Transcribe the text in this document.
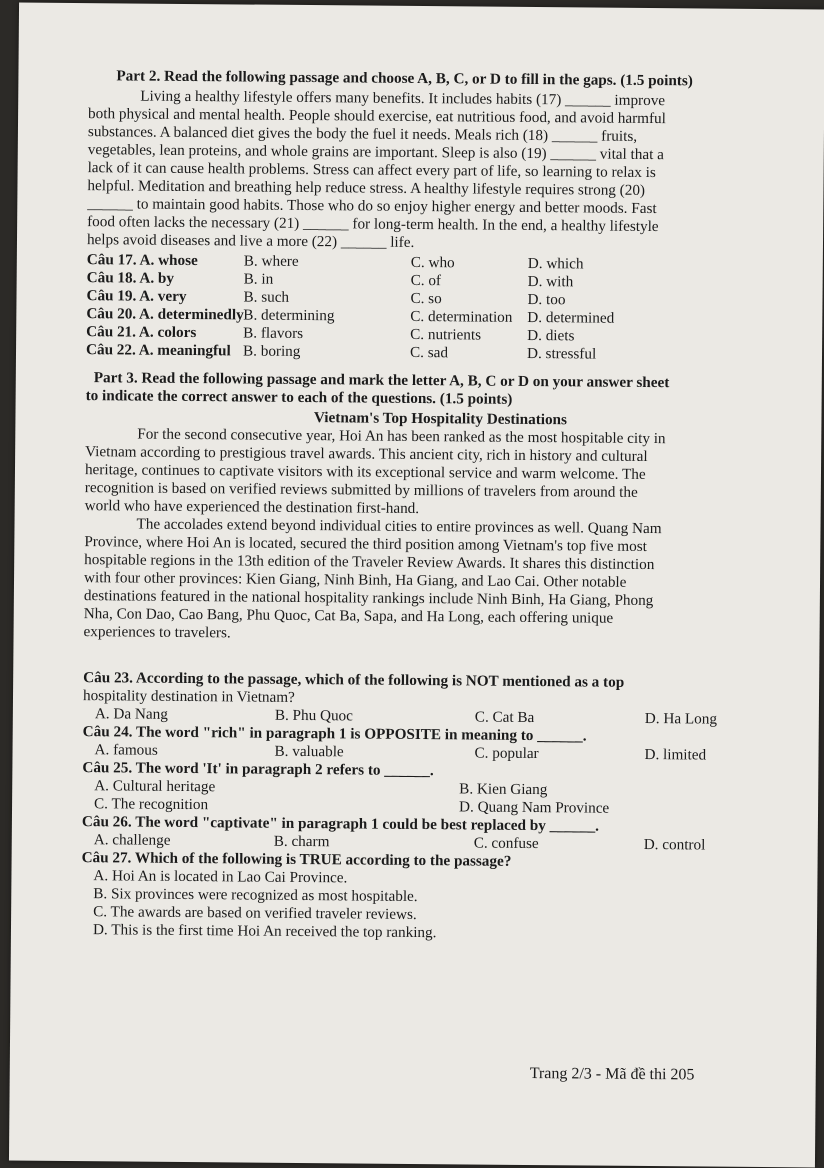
Part 2. Read the following passage and choose A, B, C, or D to fill in the gaps. (1.5 points)

Living a healthy lifestyle offers many benefits. It includes habits (17) ______ improve

both physical and mental health. People should exercise, eat nutritious food, and avoid harmful

substances. A balanced diet gives the body the fuel it needs. Meals rich (18) ______ fruits,

vegetables, lean proteins, and whole grains are important. Sleep is also (19) ______ vital that a

lack of it can cause health problems. Stress can affect every part of life, so learning to relax is

helpful. Meditation and breathing help reduce stress. A healthy lifestyle requires strong (20)

______ to maintain good habits. Those who do so enjoy higher energy and better moods. Fast

food often lacks the necessary (21) ______ for long-term health. In the end, a healthy lifestyle

helps avoid diseases and live a more (22) ______ life.

Câu 17. A. whose	B. where	C. who	D. which
Câu 18. A. by	B. in	C. of	D. with
Câu 19. A. very	B. such	C. so	D. too
Câu 20. A. determinedly B. determining	C. determination D. determined
Câu 21. A. colors	B. flavors	C. nutrients	D. diets
Câu 22. A. meaningful B. boring	C. sad	D. stressful

Part 3. Read the following passage and mark the letter A, B, C or D on your answer sheet

to indicate the correct answer to each of the questions. (1.5 points)

Vietnam's Top Hospitality Destinations

For the second consecutive year, Hoi An has been ranked as the most hospitable city in

Vietnam according to prestigious travel awards. This ancient city, rich in history and cultural

heritage, continues to captivate visitors with its exceptional service and warm welcome. The

recognition is based on verified reviews submitted by millions of travelers from around the

world who have experienced the destination first-hand.

The accolades extend beyond individual cities to entire provinces as well. Quang Nam

Province, where Hoi An is located, secured the third position among Vietnam's top five most

hospitable regions in the 13th edition of the Traveler Review Awards. It shares this distinction

with four other provinces: Kien Giang, Ninh Binh, Ha Giang, and Lao Cai. Other notable

destinations featured in the national hospitality rankings include Ninh Binh, Ha Giang, Phong

Nha, Con Dao, Cao Bang, Phu Quoc, Cat Ba, Sapa, and Ha Long, each offering unique

experiences to travelers.

Câu 23. According to the passage, which of the following is NOT mentioned as a top

hospitality destination in Vietnam?

A. Da Nang	B. Phu Quoc	C. Cat Ba	D. Ha Long

Câu 24. The word "rich" in paragraph 1 is OPPOSITE in meaning to ______.

A. famous	B. valuable	C. popular	D. limited

Câu 25. The word 'It' in paragraph 2 refers to ______.

A. Cultural heritage	B. Kien Giang
C. The recognition	D. Quang Nam Province

Câu 26. The word "captivate" in paragraph 1 could be best replaced by ______.

A. challenge	B. charm	C. confuse	D. control

Câu 27. Which of the following is TRUE according to the passage?

A. Hoi An is located in Lao Cai Province.
B. Six provinces were recognized as most hospitable.
C. The awards are based on verified traveler reviews.
D. This is the first time Hoi An received the top ranking.
Trang 2/3 - Mã đề thi 205
